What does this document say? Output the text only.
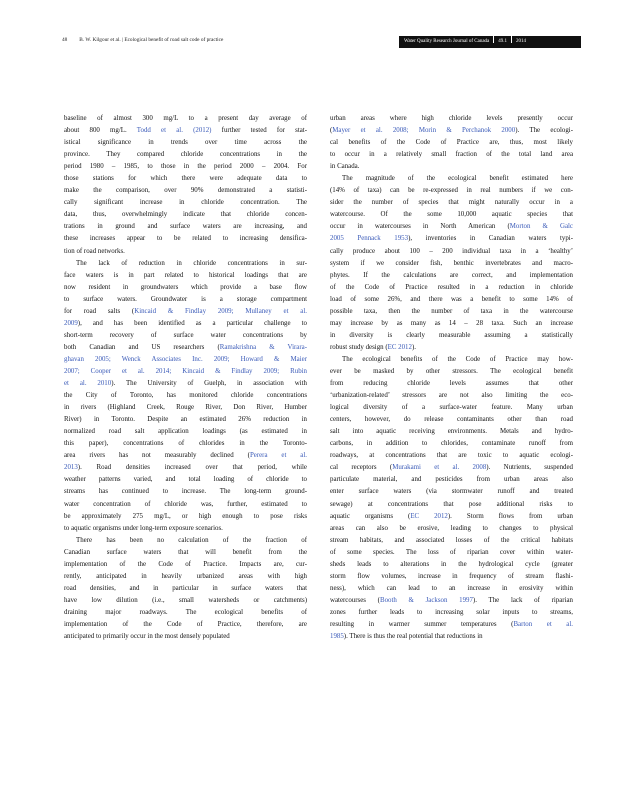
48 B. W. Kilgour et al. | Ecological benefit of road salt code of practice	Water Quality Research Journal of Canada 49.1 2014
baseline of almost 300 mg/L to a present day average of
about 800 mg/L. Todd et al. (2012) further tested for stat-
istical significance in trends over time across the
province. They compared chloride concentrations in the
period 1980 – 1985, to those in the period 2000 – 2004. For
those stations for which there were adequate data to
make the comparison, over 90% demonstrated a statisti-
cally significant increase in chloride concentration. The
data, thus, overwhelmingly indicate that chloride concen-
trations in ground and surface waters are increasing, and
these increases appear to be related to increasing densifica-
tion of road networks.
The lack of reduction in chloride concentrations in sur-
face waters is in part related to historical loadings that are
now resident in groundwaters which provide a base flow
to surface waters. Groundwater is a storage compartment
for road salts (Kincaid & Findlay 2009; Mullaney et al.
2009), and has been identified as a particular challenge to
short-term recovery of surface water concentrations by
both Canadian and US researchers (Ramakrishna & Virara-
ghavan 2005; Wenck Associates Inc. 2009; Howard & Maier
2007; Cooper et al. 2014; Kincaid & Findlay 2009; Rubin
et al. 2010). The University of Guelph, in association with
the City of Toronto, has monitored chloride concentrations
in rivers (Highland Creek, Rouge River, Don River, Humber
River) in Toronto. Despite an estimated 26% reduction in
normalized road salt application loadings (as estimated in
this paper), concentrations of chlorides in the Toronto-
area rivers has not measurably declined (Perera et al.
2013). Road densities increased over that period, while
weather patterns varied, and total loading of chloride to
streams has continued to increase. The long-term ground-
water concentration of chloride was, further, estimated to
be approximately 275 mg/L, or high enough to pose risks
to aquatic organisms under long-term exposure scenarios.
There has been no calculation of the fraction of
Canadian surface waters that will benefit from the
implementation of the Code of Practice. Impacts are, cur-
rently, anticipated in heavily urbanized areas with high
road densities, and in particular in surface waters that
have low dilution (i.e., small watersheds or catchments)
draining major roadways. The ecological benefits of
implementation of the Code of Practice, therefore, are
anticipated to primarily occur in the most densely populated
urban areas where high chloride levels presently occur
(Mayer et al. 2008; Morin & Perchanok 2000). The ecologi-
cal benefits of the Code of Practice are, thus, most likely
to occur in a relatively small fraction of the total land area
in Canada.
The magnitude of the ecological benefit estimated here
(14% of taxa) can be re-expressed in real numbers if we con-
sider the number of species that might naturally occur in a
watercourse. Of the some 10,000 aquatic species that
occur in watercourses in North American (Morton & Galc
2005 Pennack 1953), inventories in Canadian waters typi-
cally produce about 100 – 200 individual taxa in a ‘healthy’
system if we consider fish, benthic invertebrates and macro-
phytes. If the calculations are correct, and implementation
of the Code of Practice resulted in a reduction in chloride
load of some 26%, and there was a benefit to some 14% of
possible taxa, then the number of taxa in the watercourse
may increase by as many as 14 – 28 taxa. Such an increase
in diversity is clearly measurable assuming a statistically
robust study design (EC 2012).
The ecological benefits of the Code of Practice may how-
ever be masked by other stressors. The ecological benefit
from reducing chloride levels assumes that other
‘urbanization-related’ stressors are not also limiting the eco-
logical diversity of a surface-water feature. Many urban
centers, however, do release contaminants other than road
salt into aquatic receiving environments. Metals and hydro-
carbons, in addition to chlorides, contaminate runoff from
roadways, at concentrations that are toxic to aquatic ecologi-
cal receptors (Murakami et al. 2008). Nutrients, suspended
particulate material, and pesticides from urban areas also
enter surface waters (via stormwater runoff and treated
sewage) at concentrations that pose additional risks to
aquatic organisms (EC 2012). Storm flows from urban
areas can also be erosive, leading to changes to physical
stream habitats, and associated losses of the critical habitats
of some species. The loss of riparian cover within water-
sheds leads to alterations in the hydrological cycle (greater
storm flow volumes, increase in frequency of stream flashi-
ness), which can lead to an increase in erosivity within
watercourses (Booth & Jackson 1997). The lack of riparian
zones further leads to increasing solar inputs to streams,
resulting in warmer summer temperatures (Barton et al.
1985). There is thus the real potential that reductions in
